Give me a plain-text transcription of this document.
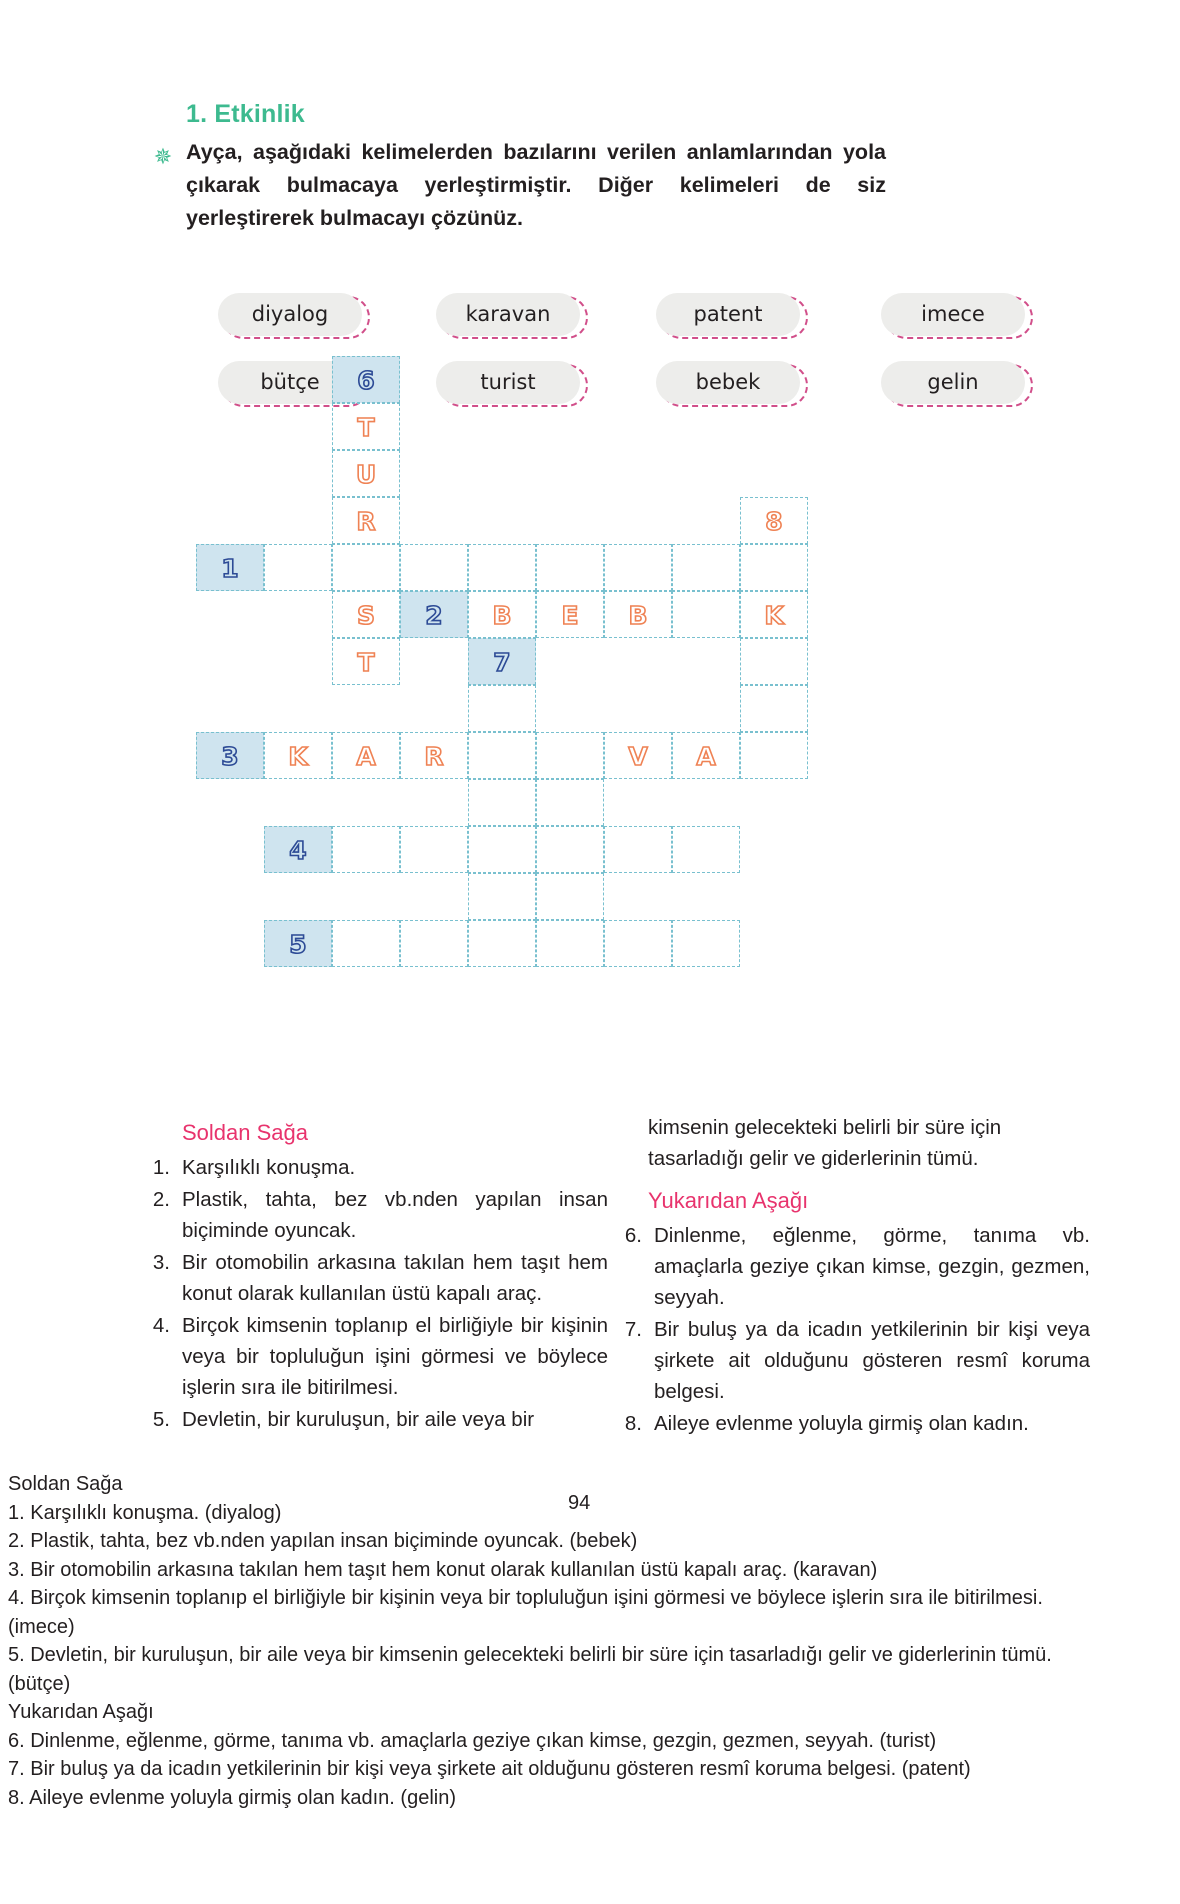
1. Etkinlik
✵ Ayça, aşağıdaki kelimelerden bazılarını verilen anlamlarından yola çıkarak bulmacaya yerleştirmiştir. Diğer kelimeleri de siz yerleştirerek bulmacayı çözünüz.
diyalog	karavan	patent	imece
bütçe	turist	bebek	gelin
6
T
U
R	8
1
S	2	B	E	B	K
T	7
3	K	A	R	V	A
4
5
Soldan Sağa
1. Karşılıklı konuşma.
2. Plastik, tahta, bez vb.nden yapılan insan biçiminde oyuncak.
3. Bir otomobilin arkasına takılan hem taşıt hem konut olarak kullanılan üstü kapalı araç.
4. Birçok kimsenin toplanıp el birliğiyle bir kişinin veya bir topluluğun işini görmesi ve böylece işlerin sıra ile bitirilmesi.
5. Devletin, bir kuruluşun, bir aile veya bir
kimsenin gelecekteki belirli bir süre için tasarladığı gelir ve giderlerinin tümü.
Yukarıdan Aşağı
6. Dinlenme, eğlenme, görme, tanıma vb. amaçlarla geziye çıkan kimse, gezgin, gezmen, seyyah.
7. Bir buluş ya da icadın yetkilerinin bir kişi veya şirkete ait olduğunu gösteren resmî koruma belgesi.
8. Aileye evlenme yoluyla girmiş olan kadın.
94
Soldan Sağa
1. Karşılıklı konuşma. (diyalog)
2. Plastik, tahta, bez vb.nden yapılan insan biçiminde oyuncak. (bebek)
3. Bir otomobilin arkasına takılan hem taşıt hem konut olarak kullanılan üstü kapalı araç. (karavan)
4. Birçok kimsenin toplanıp el birliğiyle bir kişinin veya bir topluluğun işini görmesi ve böylece işlerin sıra ile bitirilmesi.
(imece)
5. Devletin, bir kuruluşun, bir aile veya bir kimsenin gelecekteki belirli bir süre için tasarladığı gelir ve giderlerinin tümü.
(bütçe)
Yukarıdan Aşağı
6. Dinlenme, eğlenme, görme, tanıma vb. amaçlarla geziye çıkan kimse, gezgin, gezmen, seyyah. (turist)
7. Bir buluş ya da icadın yetkilerinin bir kişi veya şirkete ait olduğunu gösteren resmî koruma belgesi. (patent)
8. Aileye evlenme yoluyla girmiş olan kadın. (gelin)
